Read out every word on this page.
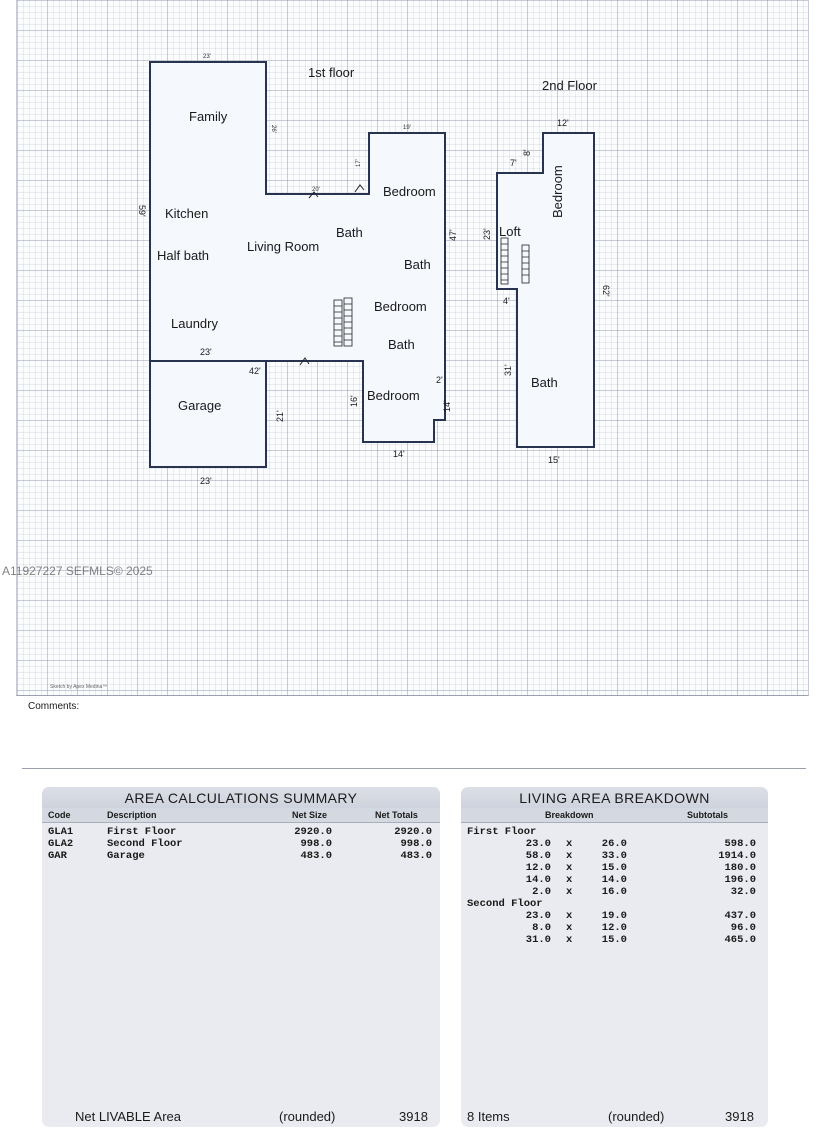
1st floor
2nd Floor
Family
Kitchen
Half bath
Living Room
Laundry
Garage
Bath
Bath
Bath
Bedroom
Bedroom
Bedroom
Loft
Bedroom
Bath
23'
26'
20'
17'
19'
59'
47'
23'
42'
21'
16'
2'
14'
14'
23'
12'
7'
8'
23'
4'
62'
31'
15'
Sketch by Apex Medina™
A11927227 SEFMLS© 2025
Comments:
AREA CALCULATIONS SUMMARY
Code	Description	Net Size	Net Totals
GLA1	First Floor	2920.0	2920.0
GLA2	Second Floor	998.0	998.0
GAR	Garage	483.0	483.0
Net LIVABLE Area	(rounded)	3918
LIVING AREA BREAKDOWN
Breakdown	Subtotals
First Floor
23.0 x	26.0	598.0
58.0 x	33.0	1914.0
12.0 x	15.0	180.0
14.0 x	14.0	196.0
2.0 x	16.0	32.0
Second Floor
23.0 x	19.0	437.0
8.0 x	12.0	96.0
31.0 x	15.0	465.0
8 Items	(rounded)	3918
